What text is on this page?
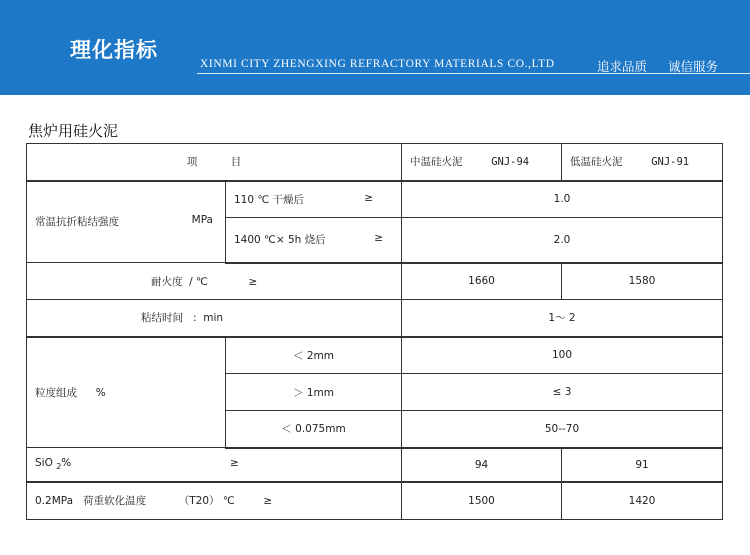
理化指标
XINMI CITY ZHENGXING REFRACTORY MATERIALS CO.,LTD	追求品质 诚信服务
焦炉用硅火泥
项          目		中温硅火泥 GNJ-94	低温硅火泥 GNJ-91
常温抗折粘结强度 MPa	110 ℃ 干燥后 ≥	1.0	
	1400 ℃× 5h 烧后 ≥	2.0	
耐火度  / ℃ ≥		1660	1580
粘结时间   :  min		1～ 2	
粒度组成 %	＜ 2mm	100	
	＞ 1mm	≤ 3	
	＜ 0.075mm	50--70	
SiO $_2$% ≥		94	91
0.2MPa   荷重软化温度 （T20） ℃ ≥		1500	1420
